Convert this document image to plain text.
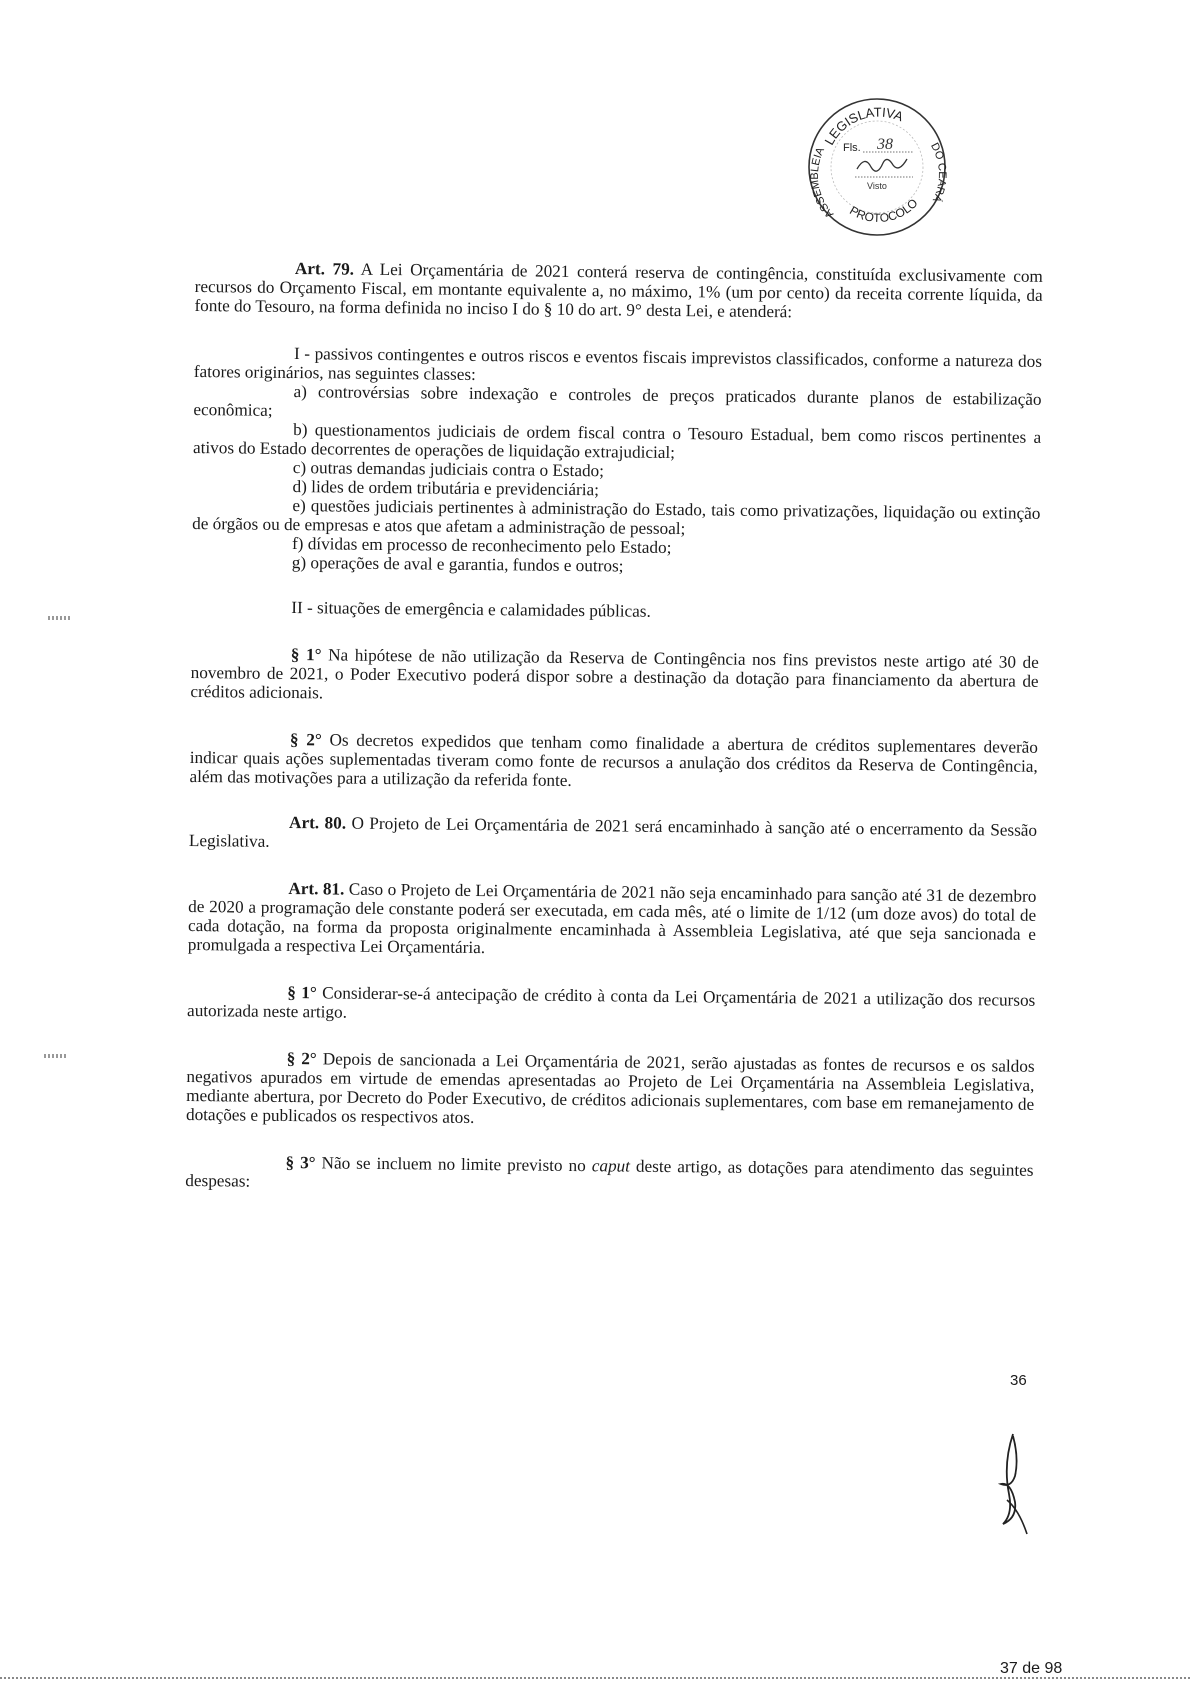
LEGISLATIVA
PROTOCOLO
ASSEMBLEIA	DO CEARÁ
Fls. 38
Visto

Art. 79. A Lei Orçamentária de 2021 conterá reserva de contingência, constituída exclusivamente com recursos do Orçamento Fiscal, em montante equivalente a, no máximo, 1% (um por cento) da receita corrente líquida, da fonte do Tesouro, na forma definida no inciso I do § 10 do art. 9° desta Lei, e atenderá:

I - passivos contingentes e outros riscos e eventos fiscais imprevistos classificados, conforme a natureza dos fatores originários, nas seguintes classes:

a) controvérsias sobre indexação e controles de preços praticados durante planos de estabilização econômica;

b) questionamentos judiciais de ordem fiscal contra o Tesouro Estadual, bem como riscos pertinentes a ativos do Estado decorrentes de operações de liquidação extrajudicial;

c) outras demandas judiciais contra o Estado;

d) lides de ordem tributária e previdenciária;

e) questões judiciais pertinentes à administração do Estado, tais como privatizações, liquidação ou extinção de órgãos ou de empresas e atos que afetam a administração de pessoal;

f) dívidas em processo de reconhecimento pelo Estado;

g) operações de aval e garantia, fundos e outros;

II - situações de emergência e calamidades públicas.

§ 1° Na hipótese de não utilização da Reserva de Contingência nos fins previstos neste artigo até 30 de novembro de 2021, o Poder Executivo poderá dispor sobre a destinação da dotação para financiamento da abertura de créditos adicionais.

§ 2° Os decretos expedidos que tenham como finalidade a abertura de créditos suplementares deverão indicar quais ações suplementadas tiveram como fonte de recursos a anulação dos créditos da Reserva de Contingência, além das motivações para a utilização da referida fonte.

Art. 80. O Projeto de Lei Orçamentária de 2021 será encaminhado à sanção até o encerramento da Sessão Legislativa.

Art. 81. Caso o Projeto de Lei Orçamentária de 2021 não seja encaminhado para sanção até 31 de dezembro de 2020 a programação dele constante poderá ser executada, em cada mês, até o limite de 1/12 (um doze avos) do total de cada dotação, na forma da proposta originalmente encaminhada à Assembleia Legislativa, até que seja sancionada e promulgada a respectiva Lei Orçamentária.

§ 1° Considerar-se-á antecipação de crédito à conta da Lei Orçamentária de 2021 a utilização dos recursos autorizada neste artigo.

§ 2° Depois de sancionada a Lei Orçamentária de 2021, serão ajustadas as fontes de recursos e os saldos negativos apurados em virtude de emendas apresentadas ao Projeto de Lei Orçamentária na Assembleia Legislativa, mediante abertura, por Decreto do Poder Executivo, de créditos adicionais suplementares, com base em remanejamento de dotações e publicados os respectivos atos.

§ 3° Não se incluem no limite previsto no caput deste artigo, as dotações para atendimento das seguintes despesas:

36
37 de 98
